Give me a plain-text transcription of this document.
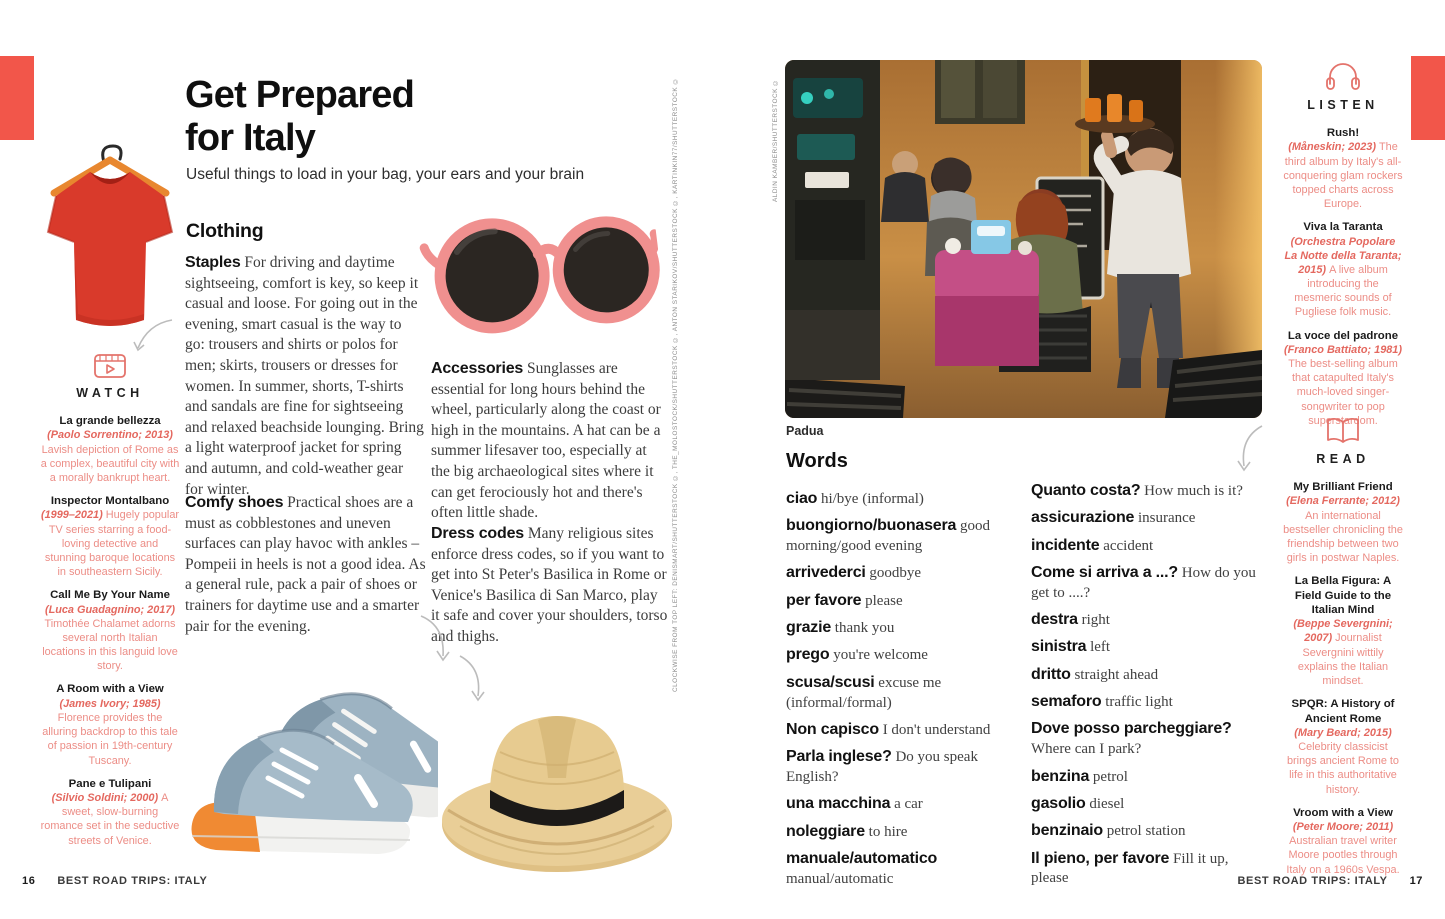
WATCH
La grande bellezza
(Paolo Sorrentino; 2013) Lavish depiction of Rome as a complex, beautiful city with a morally bankrupt heart.
Inspector Montalbano
(1999–2021) Hugely popular TV series starring a food-loving detective and stunning baroque locations in southeastern Sicily.
Call Me By Your Name
(Luca Guadagnino; 2017) Timothée Chalamet adorns several north Italian locations in this languid love story.
A Room with a View
(James Ivory; 1985) Florence provides the alluring backdrop to this tale of passion in 19th-century Tuscany.
Pane e Tulipani
(Silvio Soldini; 2000) A sweet, slow-burning romance set in the seductive streets of Venice.
Get Prepared
for Italy
Useful things to load in your bag, your ears and your brain
Clothing

Staples For driving and daytime sightseeing, comfort is key, so keep it casual and loose. For going out in the evening, smart casual is the way to go: trousers and shirts or polos for men; skirts, trousers or dresses for women. In summer, shorts, T-shirts and sandals are fine for sightseeing and relaxed beachside lounging. Bring a light waterproof jacket for spring and autumn, and cold-weather gear for winter.

Comfy shoes Practical shoes are a must as cobblestones and uneven surfaces can play havoc with ankles – Pompeii in heels is not a good idea. As a general rule, pack a pair of shoes or trainers for daytime use and a smarter pair for the evening.

Accessories Sunglasses are essential for long hours behind the wheel, particularly along the coast or high in the mountains. A hat can be a summer lifesaver too, especially at the big archaeological sites where it can get ferociously hot and there's often little shade.

Dress codes Many religious sites enforce dress codes, so if you want to get into St Peter's Basilica in Rome or Venice's Basilica di San Marco, play it safe and cover your shoulders, torso and thighs.	CLOCKWISE FROM TOP LEFT: DENISMART/SHUTTERSTOCK ©, THE_MOLOSTOCK/SHUTTERSTOCK ©, ANTON STARIKOV/SHUTTERSTOCK ©, KARTINKIN77/SHUTTERSTOCK ©
16 BEST ROAD TRIPS: ITALY
ALDIN KAMBER/SHUTTERSTOCK ©
Padua
Words

ciao hi/bye (informal)

buongiorno/buonasera good morning/good evening

arrivederci goodbye

per favore please

grazie thank you

prego you're welcome

scusa/scusi excuse me (informal/formal)

Non capisco I don't understand

Parla inglese? Do you speak English?

una macchina a car

noleggiare to hire

manuale/automatico manual/automatic

Quanto costa? How much is it?

assicurazione insurance

incidente accident

Come si arriva a ...? How do you get to ....?

destra right

sinistra left

dritto straight ahead

semaforo traffic light

Dove posso parcheggiare? Where can I park?

benzina petrol

gasolio diesel

benzinaio petrol station

Il pieno, per favore Fill it up, please

LISTEN
Rush!
(Måneskin; 2023) The third album by Italy's all-conquering glam rockers topped charts across Europe.
Viva la Taranta
(Orchestra Popolare La Notte della Taranta; 2015) A live album introducing the mesmeric sounds of Pugliese folk music.
La voce del padrone
(Franco Battiato; 1981) The best-selling album that catapulted Italy's much-loved singer-songwriter to pop superstardom.
READ
My Brilliant Friend
(Elena Ferrante; 2012) An international bestseller chronicling the friendship between two girls in postwar Naples.
La Bella Figura: A Field Guide to the Italian Mind
(Beppe Severgnini; 2007) Journalist Severgnini wittily explains the Italian mindset.
SPQR: A History of Ancient Rome
(Mary Beard; 2015) Celebrity classicist brings ancient Rome to life in this authoritative history.
Vroom with a View
(Peter Moore; 2011) Australian travel writer Moore pootles through Italy on a 1960s Vespa.
BEST ROAD TRIPS: ITALY 17
